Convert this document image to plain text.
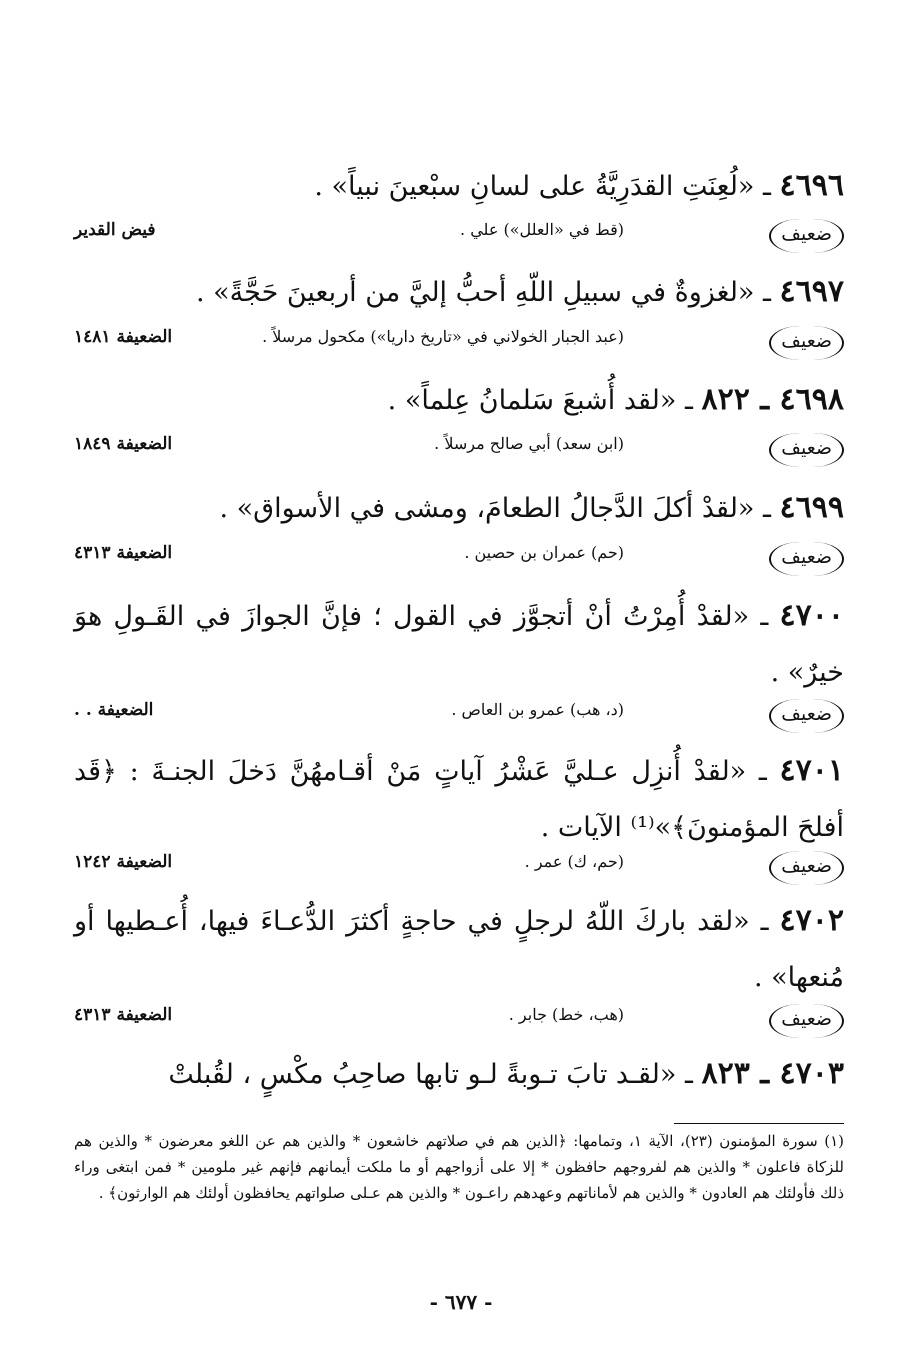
٤٦٩٦ ـ «لُعِنَتِ القدَرِيَّةُ على لسانِ سبْعينَ نبياً» .
ضعيف
(قط في «العلل») علي .
فيض القدير
٤٦٩٧ ـ «لغزوةٌ في سبيلِ اللّهِ أحبُّ إليَّ من أربعينَ حَجَّةً» .
ضعيف
(عبد الجبار الخولاني في «تاريخ داريا») مكحول مرسلاً .
الضعيفة ١٤٨١
٤٦٩٨ ـ ٨٢٢ ـ «لقد أُشبعَ سَلمانُ عِلماً» .
ضعيف
(ابن سعد) أبي صالح مرسلاً .
الضعيفة ١٨٤٩
٤٦٩٩ ـ «لقدْ أكلَ الدَّجالُ الطعامَ، ومشى في الأسواق» .
ضعيف
(حم) عمران بن حصين .
الضعيفة ٤٣١٣
٤٧٠٠ ـ «لقدْ أُمِرْتُ أنْ أتجوَّز في القول ؛ فإنَّ الجوازَ في القَـولِ هوَ خيرٌ» .
ضعيف
(د، هب) عمرو بن العاص .
الضعيفة . .
٤٧٠١ ـ «لقدْ أُنزِل عـليَّ عَشْرُ آياتٍ مَنْ أقـامهُنَّ دَخلَ الجنـةَ : ﴿قَد أفلحَ المؤمنونَ﴾»⁽¹⁾ الآيات .
ضعيف
(حم، ك) عمر .
الضعيفة ١٢٤٢
٤٧٠٢ ـ «لقد باركَ اللّهُ لرجلٍ في حاجةٍ أكثرَ الدُّعـاءَ فيها، أُعـطيها أو مُنعها» .
ضعيف
(هب، خط) جابر .
الضعيفة ٤٣١٣
٤٧٠٣ ـ ٨٢٣ ـ «لقـد تابَ تـوبةً لـو تابها صاحِبُ مكْسٍ ، لقُبلتْ
(١) سورة المؤمنون (٢٣)، الآية ١، وتمامها: ﴿الذين هم في صلاتهم خاشعون * والذين هم عن اللغو معرضون * والذين هم للزكاة فاعلون * والذين هم لفروجهم حافظون * إلا على أزواجهم أو ما ملكت أيمانهم فإنهم غير ملومين * فمن ابتغى وراء ذلك فأولئك هم العادون * والذين هم لأماناتهم وعهدهم راعـون * والذين هم عـلى صلواتهم يحافظون أولئك هم الوارثون﴾ .
- ٦٧٧ -
